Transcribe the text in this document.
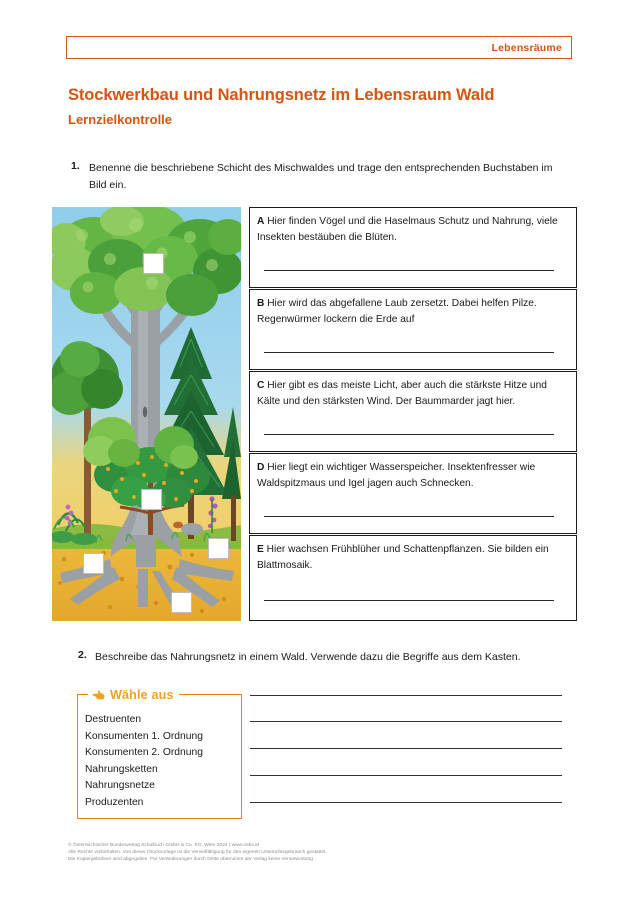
Lebensräume
Stockwerkbau und Nahrungsnetz im Lebensraum Wald
Lernzielkontrolle
1. Benenne die beschriebene Schicht des Mischwaldes und trage den entsprechenden Buchstaben im Bild ein.
A Hier finden Vögel und die Haselmaus Schutz und Nahrung, viele Insekten bestäuben die Blüten.
B Hier wird das abgefallene Laub zersetzt. Dabei helfen Pilze. Regenwürmer lockern die Erde auf
C Hier gibt es das meiste Licht, aber auch die stärkste Hitze und Kälte und den stärksten Wind. Der Baummarder jagt hier.
D Hier liegt ein wichtiger Wasserspeicher. Insektenfresser wie Waldspitzmaus und Igel jagen auch Schnecken.
E Hier wachsen Frühblüher und Schattenpflanzen. Sie bilden ein Blattmosaik.
2. Beschreibe das Nahrungsnetz in einem Wald. Verwende dazu die Begriffe aus dem Kasten.
Wähle aus
Destruenten
Konsumenten 1. Ordnung
Konsumenten 2. Ordnung
Nahrungsketten
Nahrungsnetze
Produzenten
© Österreichischer Bundesverlag Schulbuch GmbH & Co. KG, Wien 2024 | www.oebv.at
Alle Rechte vorbehalten. Von dieser Druckvorlage ist die Vervielfältigung für den eigenen Unterrichtsgebrauch gestattet.
Die Kopiergebühren sind abgegolten. Für Veränderungen durch Dritte übernimmt der Verlag keine Verantwortung
